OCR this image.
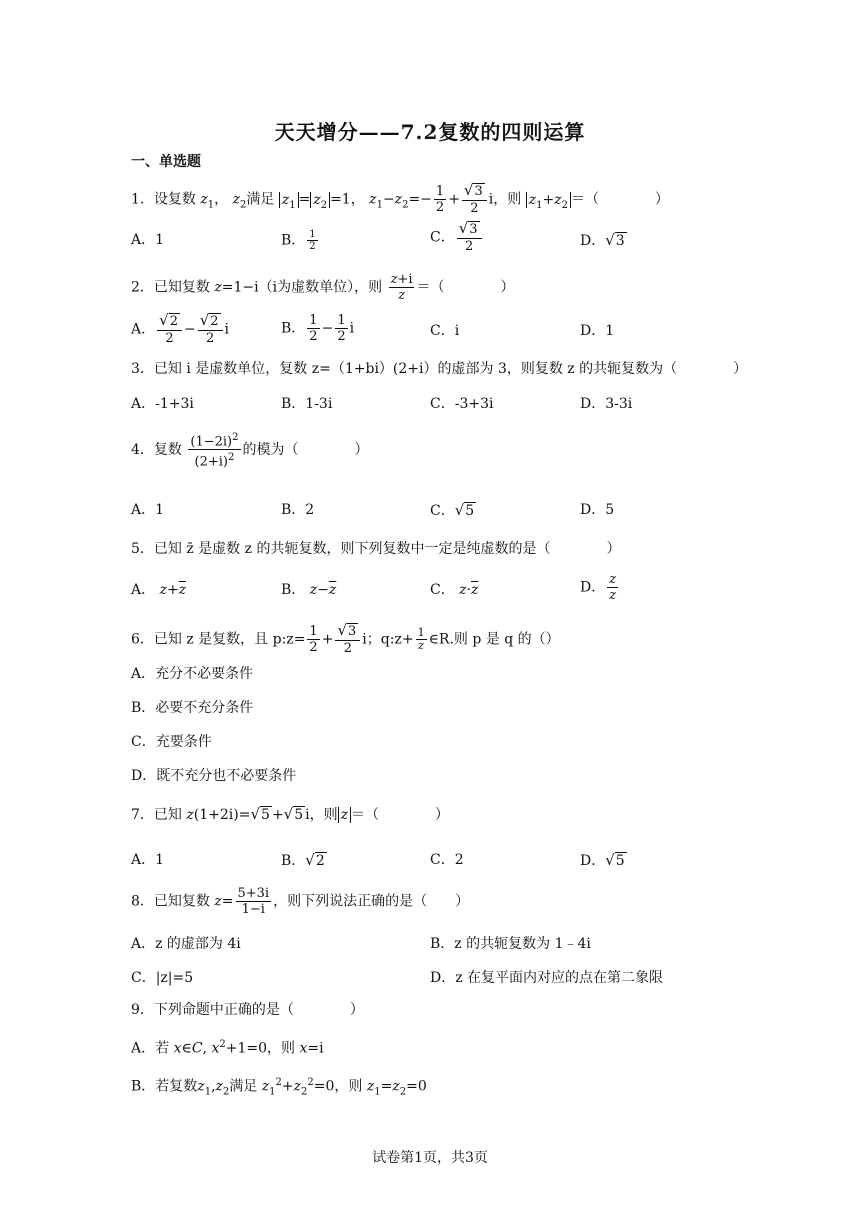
天天增分——7.2复数的四则运算
一、单选题
1．设复数 $z_1$， $z_2$满足 $z_1 = z_2 =1$， $z_1-z_2=- \frac{1}{2} + \frac{√3}{2}$ i，则 $z_1+z_2$ ＝（　　　　）
A．1	B． $\frac{1}{2}$	C． $\frac{√3}{2}$	D．√3
2．已知复数 z=1−i（i为虚数单位），则 $\frac{z+i}{z}$ ＝（　　　　）
A． $\frac{√2}{2} - \frac{√2}{2}$ i	B． $\frac{1}{2} - \frac{1}{2}$ i	C．i	D．1
3．已知 i 是虚数单位，复数 z=（1+bi）(2+i）的虚部为 3，则复数 z 的共轭复数为（　　　　）
A．-1+3i	B．1-3i	C．-3+3i	D．3-3i
4．复数 $\frac{(1-2i)^2}{(2+i)^2}$ 的模为（　　　　）
A．1	B．2	C．√5	D．5
5．已知 z̄ 是虚数 z 的共轭复数，则下列复数中一定是纯虚数的是（　　　　）
A． $z+\overline{z}$	B． $z-\overline{z}$	C． $z\cdot\overline{z}$	D． $\frac{z}{z}$
6．已知 z 是复数，且 p:z= $\frac{1}{2} + \frac{√3}{2}$ i；q:z+ $\frac{1}{z}$ ∈R.则 p 是 q 的（）
A．充分不必要条件
B．必要不充分条件
C．充要条件
D．既不充分也不必要条件
7．已知 z(1+2i)=√5 +√5 i，则 z ＝（　　　　）
A．1	B．√2	C．2	D．√5
8．已知复数 $z= \frac{5+3i}{1-i}$ ，则下列说法正确的是（　　）
A．z 的虚部为 4i	B．z 的共轭复数为 1﹣4i
C．|z|=5	D．z 在复平面内对应的点在第二象限
9．下列命题中正确的是（　　　　）
A．若 x∈C, $x^2+1=0$，则 x=i
B．若复数$z_1,z_2$满足 $z_1^2+z_2^2=0$，则 $z_1=z_2=0$
试卷第1页，共3页
